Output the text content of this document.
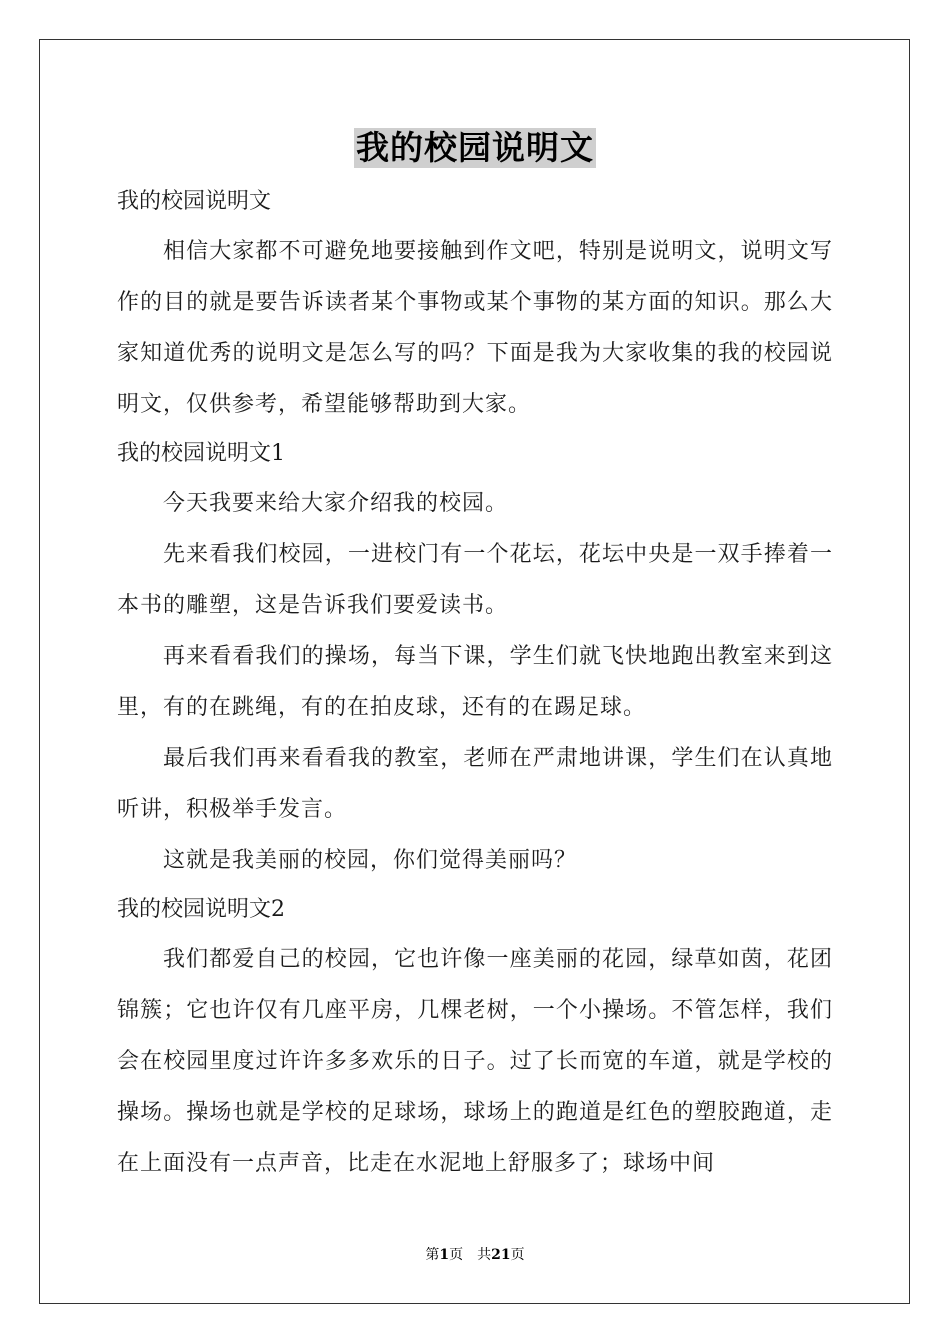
我的校园说明文

我的校园说明文

相信大家都不可避免地要接触到作文吧，特别是说明文，说明文写作的目的就是要告诉读者某个事物或某个事物的某方面的知识。那么大家知道优秀的说明文是怎么写的吗？下面是我为大家收集的我的校园说明文，仅供参考，希望能够帮助到大家。

我的校园说明文1

今天我要来给大家介绍我的校园。

先来看我们校园，一进校门有一个花坛，花坛中央是一双手捧着一本书的雕塑，这是告诉我们要爱读书。

再来看看我们的操场，每当下课，学生们就飞快地跑出教室来到这里，有的在跳绳，有的在拍皮球，还有的在踢足球。

最后我们再来看看我的教室，老师在严肃地讲课，学生们在认真地听讲，积极举手发言。

这就是我美丽的校园，你们觉得美丽吗？

我的校园说明文2

我们都爱自己的校园，它也许像一座美丽的花园，绿草如茵，花团锦簇；它也许仅有几座平房，几棵老树，一个小操场。不管怎样，我们会在校园里度过许许多多欢乐的日子。过了长而宽的车道，就是学校的操场。操场也就是学校的足球场，球场上的跑道是红色的塑胶跑道，走在上面没有一点声音，比走在水泥地上舒服多了；球场中间

第1页　共21页
